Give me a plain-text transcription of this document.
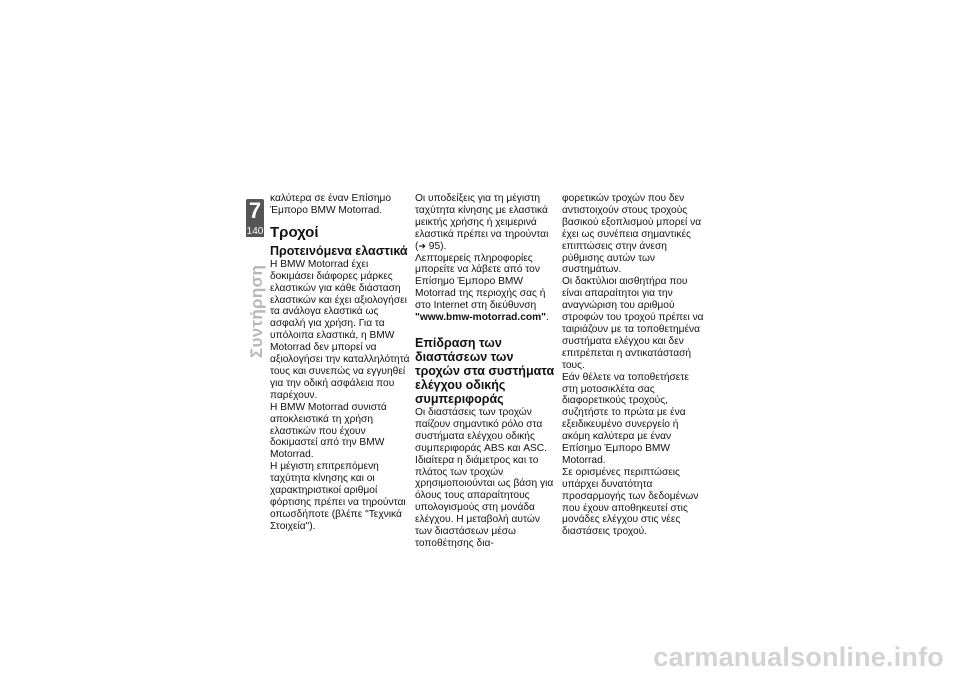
7
140
Συντήρηση

καλύτερα σε έναν Επίσημο Έμπορο BMW Motorrad.

Τροχοί
Προτεινόμενα ελαστικά

Η BMW Motorrad έχει δοκιμάσει διάφορες μάρκες ελαστικών για κάθε διάσταση ελαστικών και έχει αξιολογήσει τα ανάλογα ελαστικά ως ασφαλή για χρήση. Για τα υπόλοιπα ελαστικά, η BMW Motorrad δεν μπορεί να αξιολογήσει την καταλληλότητά τους και συνεπώς να εγγυηθεί για την οδική ασφάλεια που παρέχουν.

Η BMW Motorrad συνιστά αποκλειστικά τη χρήση ελαστικών που έχουν δοκιμαστεί από την BMW Motorrad.

Η μέγιστη επιτρεπόμενη ταχύτητα κίνησης και οι χαρακτηριστικοί αριθμοί φόρτισης πρέπει να τηρούνται οπωσδήποτε (βλέπε "Τεχνικά Στοιχεία").

Οι υποδείξεις για τη μέγιστη ταχύτητα κίνησης με ελαστικά μεικτής χρήσης ή χειμερινά ελαστικά πρέπει να τηρούνται (➜ 95).

Λεπτομερείς πληροφορίες μπορείτε να λάβετε από τον Επίσημο Έμπορο BMW Motorrad της περιοχής σας ή στο Internet στη διεύθυνση "www.bmw-motorrad.com".

Επίδραση των διαστάσεων των τροχών στα συστήματα ελέγχου οδικής συμπεριφοράς

Οι διαστάσεις των τροχών παίζουν σημαντικό ρόλο στα συστήματα ελέγχου οδικής συμπεριφοράς ABS και ASC. Ιδιαίτερα η διάμετρος και το πλάτος των τροχών χρησιμοποιούνται ως βάση για όλους τους απαραίτητους υπολογισμούς στη μονάδα ελέγχου. Η μεταβολή αυτών των διαστάσεων μέσω τοποθέτησης δια-

φορετικών τροχών που δεν αντιστοιχούν στους τροχούς βασικού εξοπλισμού μπορεί να έχει ως συνέπεια σημαντικές επιπτώσεις στην άνεση ρύθμισης αυτών των συστημάτων.

Οι δακτύλιοι αισθητήρα που είναι απαραίτητοι για την αναγνώριση του αριθμού στροφών του τροχού πρέπει να ταιριάζουν με τα τοποθετημένα συστήματα ελέγχου και δεν επιτρέπεται η αντικατάστασή τους.

Εάν θέλετε να τοποθετήσετε στη μοτοσικλέτα σας διαφορετικούς τροχούς, συζητήστε το πρώτα με ένα εξειδικευμένο συνεργείο ή ακόμη καλύτερα με έναν Επίσημο Έμπορο BMW Motorrad.

Σε ορισμένες περιπτώσεις υπάρχει δυνατότητα προσαρμογής των δεδομένων που έχουν αποθηκευτεί στις μονάδες ελέγχου στις νέες διαστάσεις τροχού.

carmanualsonline.info
